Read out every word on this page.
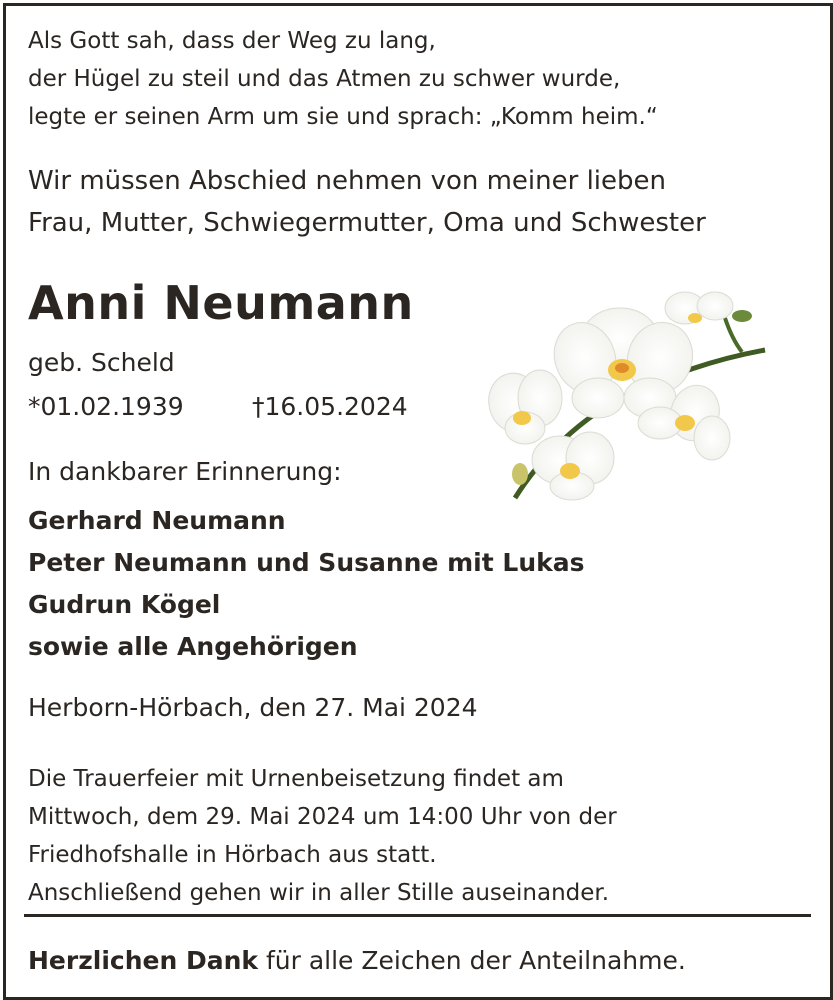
Als Gott sah, dass der Weg zu lang,
der Hügel zu steil und das Atmen zu schwer wurde,
legte er seinen Arm um sie und sprach: „Komm heim.“
Wir müssen Abschied nehmen von meiner lieben
Frau, Mutter, Schwiegermutter, Oma und Schwester
Anni Neumann
geb. Scheld
*01.02.1939	†16.05.2024
In dankbarer Erinnerung:
Gerhard Neumann
Peter Neumann und Susanne mit Lukas
Gudrun Kögel
sowie alle Angehörigen
Herborn-Hörbach, den 27. Mai 2024
Die Trauerfeier mit Urnenbeisetzung findet am
Mittwoch, dem 29. Mai 2024 um 14:00 Uhr von der
Friedhofshalle in Hörbach aus statt.
Anschließend gehen wir in aller Stille auseinander.
Herzlichen Dank für alle Zeichen der Anteilnahme.
